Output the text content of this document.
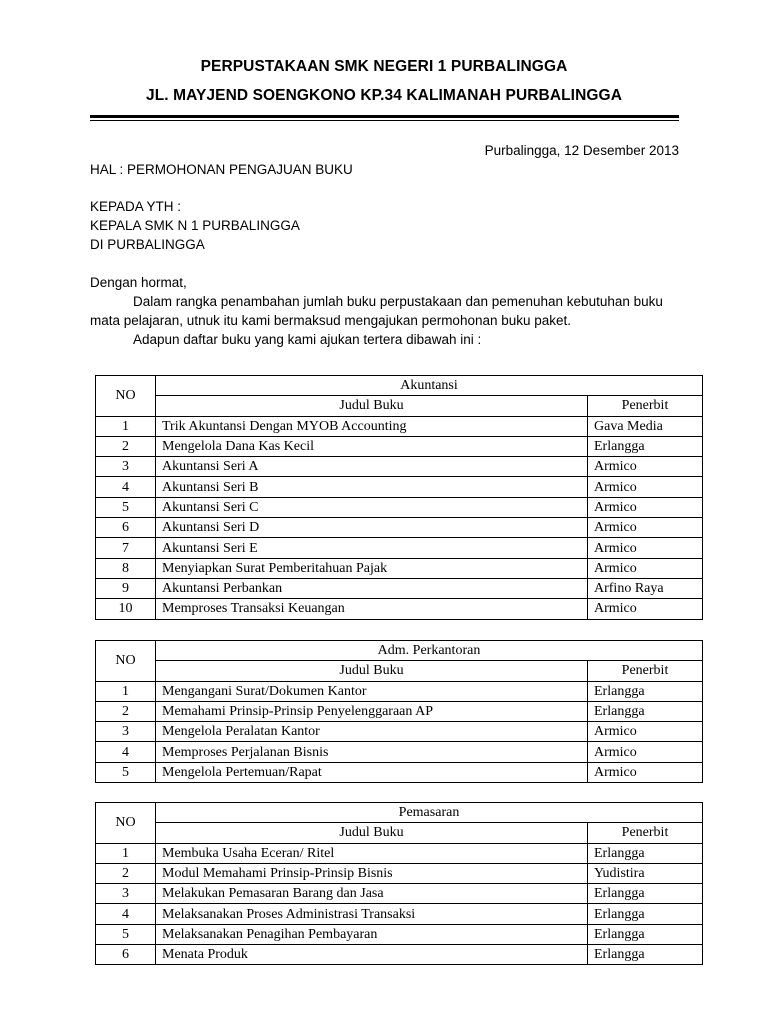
PERPUSTAKAAN SMK NEGERI 1 PURBALINGGA
JL. MAYJEND SOENGKONO KP.34 KALIMANAH PURBALINGGA
Purbalingga, 12 Desember 2013
HAL : PERMOHONAN PENGAJUAN BUKU
KEPADA YTH :
KEPALA SMK N 1 PURBALINGGA
DI PURBALINGGA
Dengan hormat,
Dalam rangka penambahan jumlah buku perpustakaan dan pemenuhan kebutuhan buku
mata pelajaran, utnuk itu kami bermaksud mengajukan permohonan buku paket.
Adapun daftar buku yang kami ajukan tertera dibawah ini :
NO	Akuntansi	
	Judul Buku	Penerbit
1	Trik Akuntansi Dengan MYOB Accounting	Gava Media
2	Mengelola Dana Kas Kecil	Erlangga
3	Akuntansi Seri A	Armico
4	Akuntansi Seri B	Armico
5	Akuntansi Seri C	Armico
6	Akuntansi Seri D	Armico
7	Akuntansi Seri E	Armico
8	Menyiapkan Surat Pemberitahuan Pajak	Armico
9	Akuntansi Perbankan	Arfino Raya
10	Memproses Transaksi Keuangan	Armico
NO	Adm. Perkantoran	
	Judul Buku	Penerbit
1	Mengangani Surat/Dokumen Kantor	Erlangga
2	Memahami Prinsip-Prinsip Penyelenggaraan AP	Erlangga
3	Mengelola Peralatan Kantor	Armico
4	Memproses Perjalanan Bisnis	Armico
5	Mengelola Pertemuan/Rapat	Armico
NO	Pemasaran	
	Judul Buku	Penerbit
1	Membuka Usaha Eceran/ Ritel	Erlangga
2	Modul Memahami Prinsip-Prinsip Bisnis	Yudistira
3	Melakukan Pemasaran Barang dan Jasa	Erlangga
4	Melaksanakan Proses Administrasi Transaksi	Erlangga
5	Melaksanakan Penagihan Pembayaran	Erlangga
6	Menata Produk	Erlangga
